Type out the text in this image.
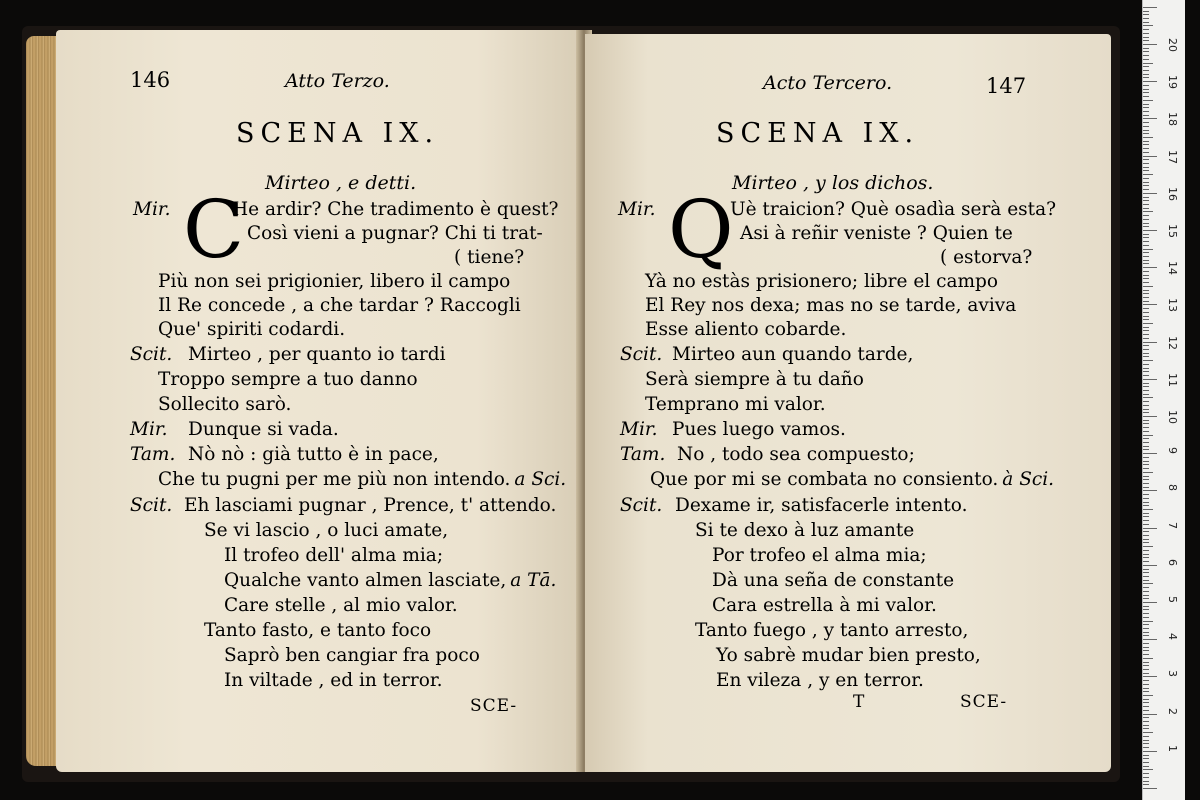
146	Atto Terzo.
SCENA IX.
Mirteo , e detti.
C
Mir.	He ardir? Che tradimento è quest?
Così vieni a pugnar? Chi ti trat-
( tiene?
Più non sei prigionier, libero il campo
Il Re concede , a che tardar ? Raccogli
Que' spiriti codardi.
Scit. Mirteo , per quanto io tardi
Troppo sempre a tuo danno
Sollecito sarò.
Mir. Dunque si vada.
Tam. Nò nò : già tutto è in pace,
Che tu pugni per me più non intendo. a Sci.
Scit. Eh lasciami pugnar , Prence, t' attendo.
Se vi lascio , o luci amate,
Il trofeo dell' alma mia;
Qualche vanto almen lasciate, a Tā.
Care stelle , al mio valor.
Tanto fasto, e tanto foco
Saprò ben cangiar fra poco
In viltade , ed in terror.
SCE-
Acto Tercero.	147
SCENA IX.
Mirteo , y los dichos.
Q
Mir.	Uè traicion? Què osadìa serà esta?
Asi à reñir veniste ? Quien te
( estorva?
Yà no estàs prisionero; libre el campo
El Rey nos dexa; mas no se tarde, aviva
Esse aliento cobarde.
Scit. Mirteo aun quando tarde,
Serà siempre à tu daño
Temprano mi valor.
Mir. Pues luego vamos.
Tam. No , todo sea compuesto;
Que por mi se combata no consiento. à Sci.
Scit. Dexame ir, satisfacerle intento.
Si te dexo à luz amante
Por trofeo el alma mia;
Dà una seña de constante
Cara estrella à mi valor.
Tanto fuego , y tanto arresto,
Yo sabrè mudar bien presto,
En vileza , y en terror.
T	SCE-
1
2
3
4
5
6
7
8
9
10
11
12
13
14
15
16
17
18
19
20
